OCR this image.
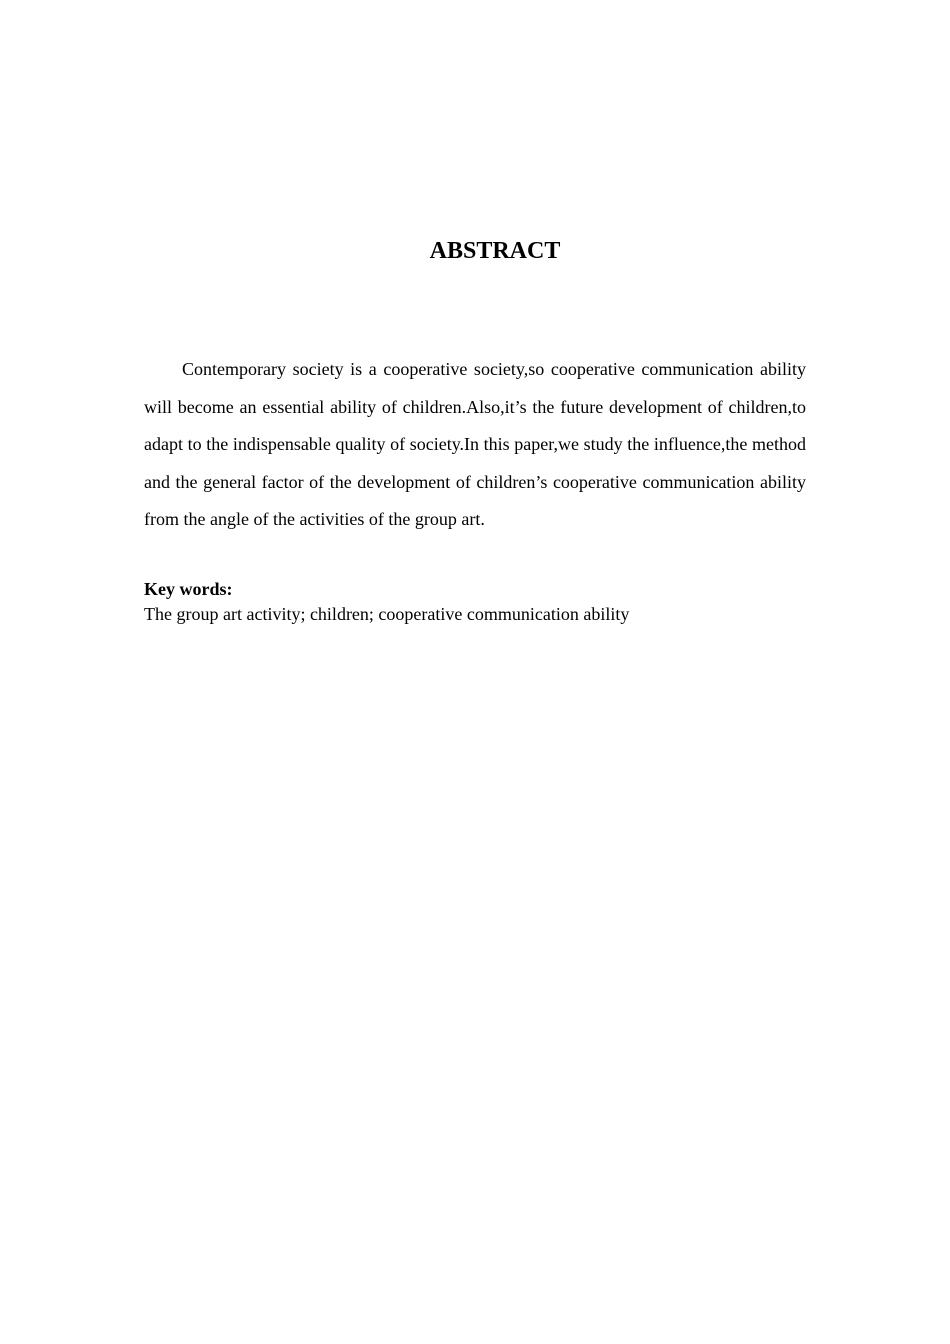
ABSTRACT

Contemporary society is a cooperative society,so cooperative communication ability will become an essential ability of children.Also,it’s the future development of children,to adapt to the indispensable quality of society.In this paper,we study the influence,the method and the general factor of the development of children’s cooperative communication ability from the angle of the activities of the group art.

Key words:
The group art activity; children; cooperative communication ability
